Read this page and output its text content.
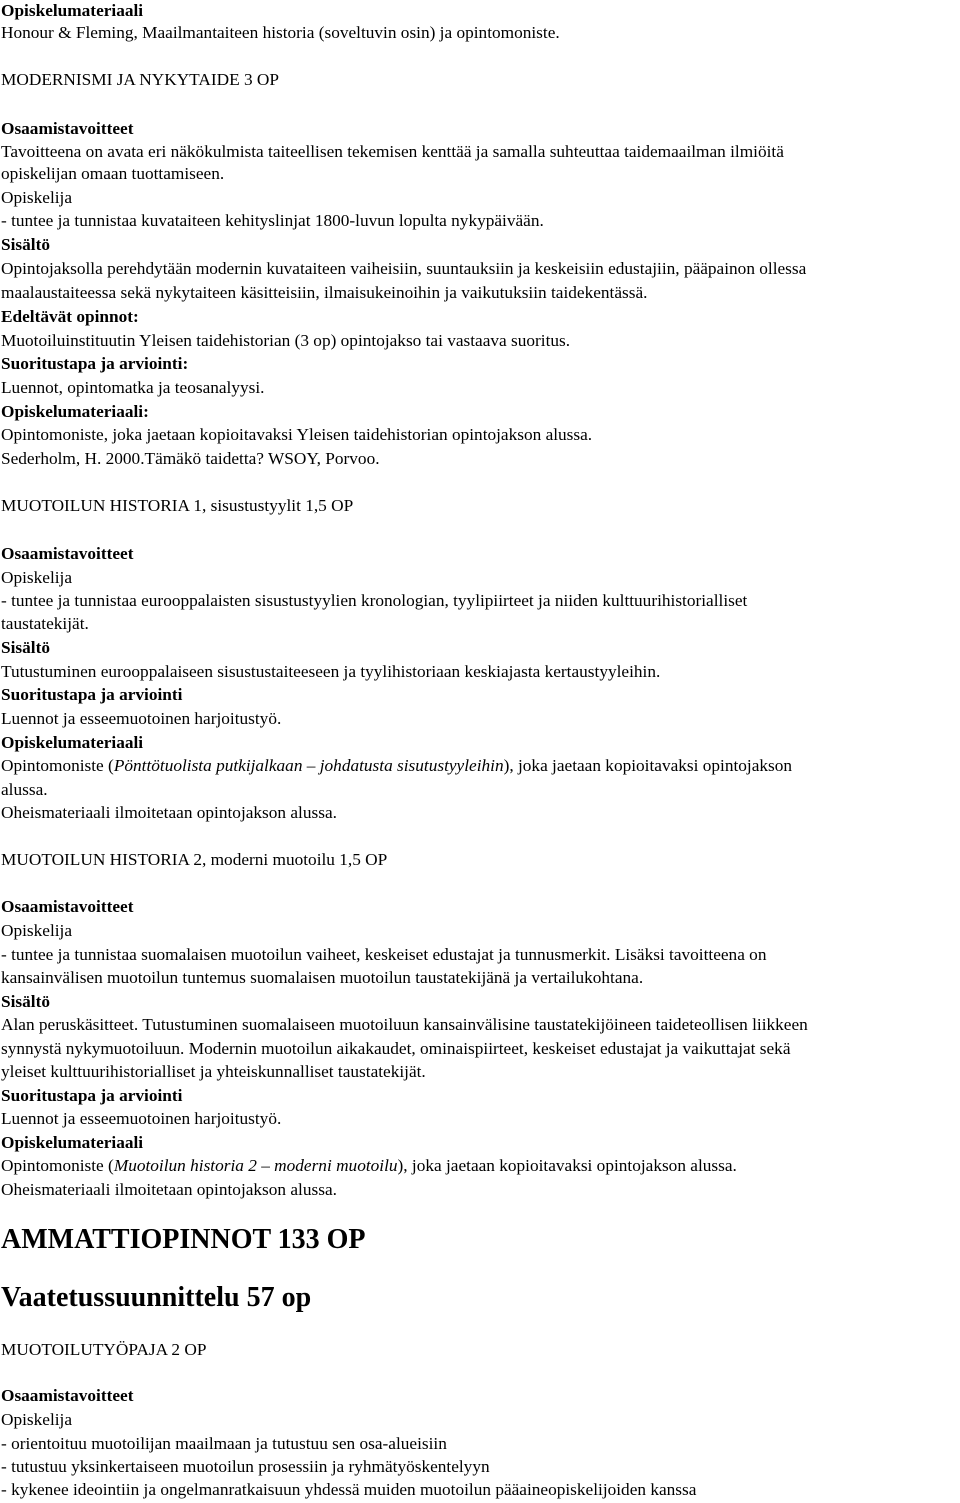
Opiskelumateriaali
Honour & Fleming, Maailmantaiteen historia (soveltuvin osin) ja opintomoniste.
MODERNISMI JA NYKYTAIDE 3 OP
Osaamistavoitteet
Tavoitteena on avata eri näkökulmista taiteellisen tekemisen kenttää ja samalla suhteuttaa taidemaailman ilmiöitä
opiskelijan omaan tuottamiseen.
Opiskelija
- tuntee ja tunnistaa kuvataiteen kehityslinjat 1800-luvun lopulta nykypäivään.
Sisältö
Opintojaksolla perehdytään modernin kuvataiteen vaiheisiin, suuntauksiin ja keskeisiin edustajiin, pääpainon ollessa
maalaustaiteessa sekä nykytaiteen käsitteisiin, ilmaisukeinoihin ja vaikutuksiin taidekentässä.
Edeltävät opinnot:
Muotoiluinstituutin Yleisen taidehistorian (3 op) opintojakso tai vastaava suoritus.
Suoritustapa ja arviointi:
Luennot, opintomatka ja teosanalyysi.
Opiskelumateriaali:
Opintomoniste, joka jaetaan kopioitavaksi Yleisen taidehistorian opintojakson alussa.
Sederholm, H. 2000.Tämäkö taidetta? WSOY, Porvoo.
MUOTOILUN HISTORIA 1, sisustustyylit 1,5 OP
Osaamistavoitteet
Opiskelija
- tuntee ja tunnistaa eurooppalaisten sisustustyylien kronologian, tyylipiirteet ja niiden kulttuurihistorialliset
taustatekijät.
Sisältö
Tutustuminen eurooppalaiseen sisustustaiteeseen ja tyylihistoriaan keskiajasta kertaustyyleihin.
Suoritustapa ja arviointi
Luennot ja esseemuotoinen harjoitustyö.
Opiskelumateriaali
Opintomoniste (Pönttötuolista putkijalkaan – johdatusta sisutustyyleihin), joka jaetaan kopioitavaksi opintojakson
alussa.
Oheismateriaali ilmoitetaan opintojakson alussa.
MUOTOILUN HISTORIA 2, moderni muotoilu 1,5 OP
Osaamistavoitteet
Opiskelija
- tuntee ja tunnistaa suomalaisen muotoilun vaiheet, keskeiset edustajat ja tunnusmerkit. Lisäksi tavoitteena on
kansainvälisen muotoilun tuntemus suomalaisen muotoilun taustatekijänä ja vertailukohtana.
Sisältö
Alan peruskäsitteet. Tutustuminen suomalaiseen muotoiluun kansainvälisine taustatekijöineen taideteollisen liikkeen
synnystä nykymuotoiluun. Modernin muotoilun aikakaudet, ominaispiirteet, keskeiset edustajat ja vaikuttajat sekä
yleiset kulttuurihistorialliset ja yhteiskunnalliset taustatekijät.
Suoritustapa ja arviointi
Luennot ja esseemuotoinen harjoitustyö.
Opiskelumateriaali
Opintomoniste (Muotoilun historia 2 – moderni muotoilu), joka jaetaan kopioitavaksi opintojakson alussa.
Oheismateriaali ilmoitetaan opintojakson alussa.
AMMATTIOPINNOT 133 OP
Vaatetussuunnittelu 57 op
MUOTOILUTYÖPAJA 2 OP
Osaamistavoitteet
Opiskelija
- orientoituu muotoilijan maailmaan ja tutustuu sen osa-alueisiin
- tutustuu yksinkertaiseen muotoilun prosessiin ja ryhmätyöskentelyyn
- kykenee ideointiin ja ongelmanratkaisuun yhdessä muiden muotoilun pääaineopiskelijoiden kanssa
